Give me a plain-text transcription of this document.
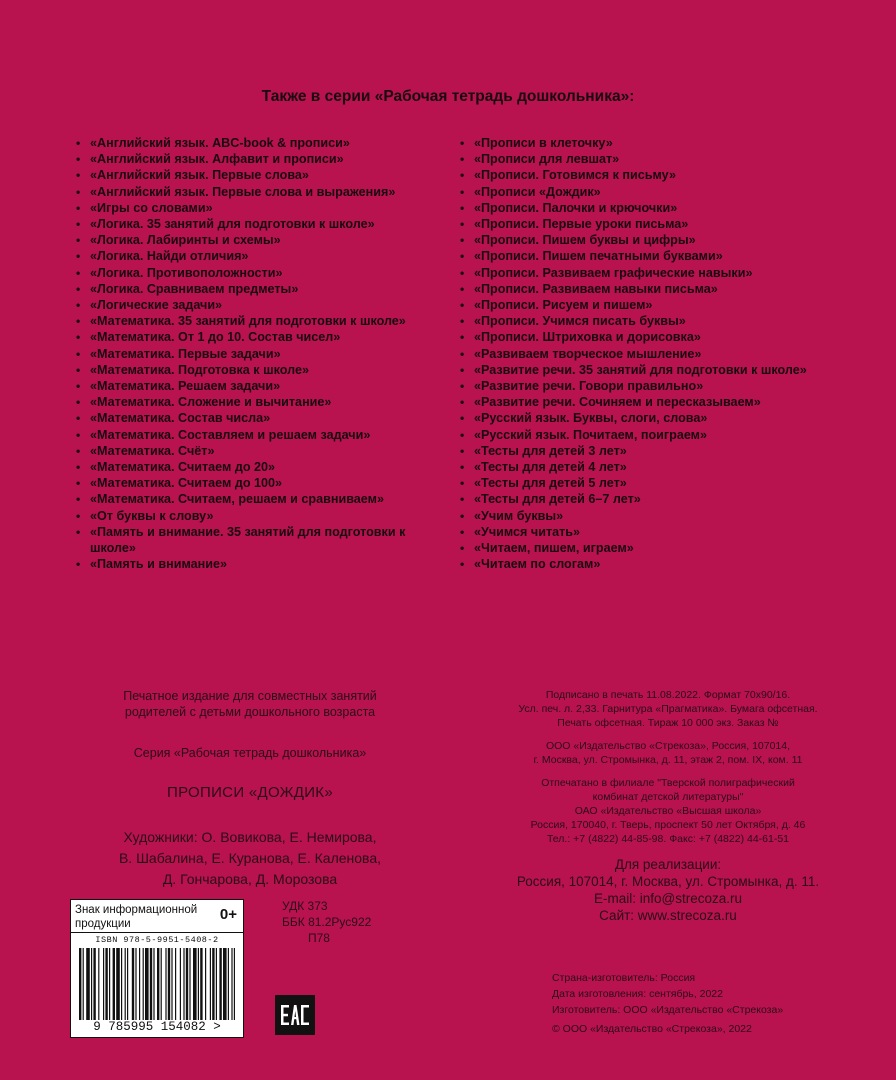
Также в серии «Рабочая тетрадь дошкольника»:
• «Английский язык. ABC-book & прописи»
• «Английский язык. Алфавит и прописи»
• «Английский язык. Первые слова»
• «Английский язык. Первые слова и выражения»
• «Игры со словами»
• «Логика. 35 занятий для подготовки к школе»
• «Логика. Лабиринты и схемы»
• «Логика. Найди отличия»
• «Логика. Противоположности»
• «Логика. Сравниваем предметы»
• «Логические задачи»
• «Математика. 35 занятий для подготовки к школе»
• «Математика. От 1 до 10. Состав чисел»
• «Математика. Первые задачи»
• «Математика. Подготовка к школе»
• «Математика. Решаем задачи»
• «Математика. Сложение и вычитание»
• «Математика. Состав числа»
• «Математика. Составляем и решаем задачи»
• «Математика. Счёт»
• «Математика. Считаем до 20»
• «Математика. Считаем до 100»
• «Математика. Считаем, решаем и сравниваем»
• «От буквы к слову»
• «Память и внимание. 35 занятий для подготовки к школе»
• «Память и внимание»
• «Прописи в клеточку»
• «Прописи для левшат»
• «Прописи. Готовимся к письму»
• «Прописи «Дождик»
• «Прописи. Палочки и крючочки»
• «Прописи. Первые уроки письма»
• «Прописи. Пишем буквы и цифры»
• «Прописи. Пишем печатными буквами»
• «Прописи. Развиваем графические навыки»
• «Прописи. Развиваем навыки письма»
• «Прописи. Рисуем и пишем»
• «Прописи. Учимся писать буквы»
• «Прописи. Штриховка и дорисовка»
• «Развиваем творческое мышление»
• «Развитие речи. 35 занятий для подготовки к школе»
• «Развитие речи. Говори правильно»
• «Развитие речи. Сочиняем и пересказываем»
• «Русский язык. Буквы, слоги, слова»
• «Русский язык. Почитаем, поиграем»
• «Тесты для детей 3 лет»
• «Тесты для детей 4 лет»
• «Тесты для детей 5 лет»
• «Тесты для детей 6–7 лет»
• «Учим буквы»
• «Учимся читать»
• «Читаем, пишем, играем»
• «Читаем по слогам»
Печатное издание для совместных занятий
родителей с детьми дошкольного возраста
Серия «Рабочая тетрадь дошкольника»
ПРОПИСИ «ДОЖДИК»
Художники: О. Вовикова, Е. Немирова,
В. Шабалина, Е. Куранова, Е. Каленова,
Д. Гончарова, Д. Морозова
Подписано в печать 11.08.2022. Формат 70х90/16.
Усл. печ. л. 2,33. Гарнитура «Прагматика». Бумага офсетная.
Печать офсетная. Тираж 10 000 экз. Заказ №
ООО «Издательство «Стрекоза», Россия, 107014,
г. Москва, ул. Стромынка, д. 11, этаж 2, пом. IX, ком. 11
Отпечатано в филиале "Тверской полиграфический
комбинат детской литературы"
ОАО «Издательство «Высшая школа»
Россия, 170040, г. Тверь, проспект 50 лет Октября, д. 46
Тел.: +7 (4822) 44-85-98. Факс: +7 (4822) 44-61-51
Для реализации:
Россия, 107014, г. Москва, ул. Стромынка, д. 11.
E-mail: info@strecoza.ru
Сайт: www.strecoza.ru
Страна-изготовитель: Россия
Дата изготовления: сентябрь, 2022
Изготовитель: ООО «Издательство «Стрекоза»
© ООО «Издательство «Стрекоза», 2022
Знак информационной продукции
0+
ISBN 978-5-9951-5408-2
9 785995 154082 >
УДК 373
ББК 81.2Рус922
П78
